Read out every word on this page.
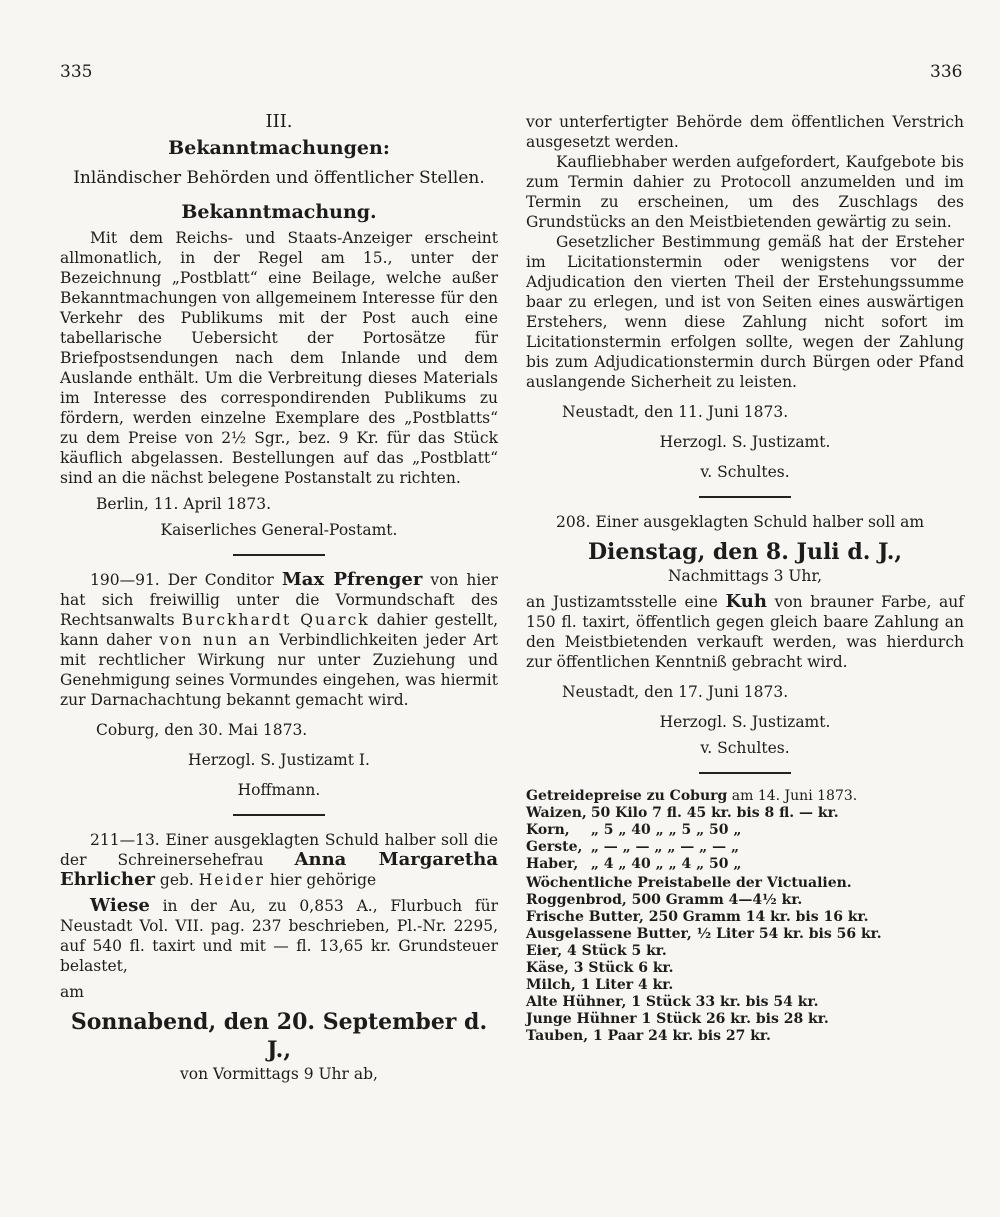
335	336

III.

Bekanntmachungen:

Inländischer Behörden und öffentlicher Stellen.

Bekanntmachung.

Mit dem Reichs- und Staats-Anzeiger erscheint allmonatlich, in der Regel am 15., unter der Bezeichnung „Postblatt“ eine Beilage, welche außer Bekanntmachungen von allgemeinem Interesse für den Verkehr des Publikums mit der Post auch eine tabellarische Uebersicht der Portosätze für Briefpostsendungen nach dem Inlande und dem Auslande enthält. Um die Verbreitung dieses Materials im Interesse des correspondirenden Publikums zu fördern, werden einzelne Exemplare des „Postblatts“ zu dem Preise von 2½ Sgr., bez. 9 Kr. für das Stück käuflich abgelassen. Bestellungen auf das „Postblatt“ sind an die nächst belegene Postanstalt zu richten.

Berlin, 11. April 1873.

Kaiserliches General-Postamt.

190—91. Der Conditor Max Pfrenger von hier hat sich freiwillig unter die Vormundschaft des Rechtsanwalts Burckhardt Quarck dahier gestellt, kann daher von nun an Verbindlichkeiten jeder Art mit rechtlicher Wirkung nur unter Zuziehung und Genehmigung seines Vormundes eingehen, was hiermit zur Darnachachtung bekannt gemacht wird.

Coburg, den 30. Mai 1873.

Herzogl. S. Justizamt I.

Hoffmann.

211—13. Einer ausgeklagten Schuld halber soll die der Schreinersehefrau Anna Margaretha Ehrlicher geb. Heider hier gehörige

Wiese in der Au, zu 0,853 A., Flurbuch für Neustadt Vol. VII. pag. 237 beschrieben, Pl.-Nr. 2295, auf 540 fl. taxirt und mit — fl. 13,65 kr. Grundsteuer belastet,

am

Sonnabend, den 20. September d. J.,

von Vormittags 9 Uhr ab,

vor unterfertigter Behörde dem öffentlichen Verstrich ausgesetzt werden.

Kaufliebhaber werden aufgefordert, Kaufgebote bis zum Termin dahier zu Protocoll anzumelden und im Termin zu erscheinen, um des Zuschlags des Grundstücks an den Meistbietenden gewärtig zu sein.

Gesetzlicher Bestimmung gemäß hat der Ersteher im Licitationstermin oder wenigstens vor der Adjudication den vierten Theil der Erstehungssumme baar zu erlegen, und ist von Seiten eines auswärtigen Erstehers, wenn diese Zahlung nicht sofort im Licitationstermin erfolgen sollte, wegen der Zahlung bis zum Adjudicationstermin durch Bürgen oder Pfand auslangende Sicherheit zu leisten.

Neustadt, den 11. Juni 1873.

Herzogl. S. Justizamt.

v. Schultes.

208. Einer ausgeklagten Schuld halber soll am

Dienstag, den 8. Juli d. J.,

Nachmittags 3 Uhr,

an Justizamtsstelle eine Kuh von brauner Farbe, auf 150 fl. taxirt, öffentlich gegen gleich baare Zahlung an den Meistbietenden verkauft werden, was hierdurch zur öffentlichen Kenntniß gebracht wird.

Neustadt, den 17. Juni 1873.

Herzogl. S. Justizamt.

v. Schultes.

Getreidepreise zu Coburg am 14. Juni 1873.

Waizen,	50 Kilo 7 fl. 45 kr. bis 8 fl. — kr.
Korn,	„ 5 „ 40 „ „ 5 „ 50 „
Gerste,	„ — „ — „ „ — „ — „
Haber,	„ 4 „ 40 „ „ 4 „ 50 „

Wöchentliche Preistabelle der Victualien.

Roggenbrod, 500 Gramm 4—4½ kr.
Frische Butter, 250 Gramm 14 kr. bis 16 kr.
Ausgelassene Butter, ½ Liter 54 kr. bis 56 kr.
Eier, 4 Stück 5 kr.
Käse, 3 Stück 6 kr.
Milch, 1 Liter 4 kr.
Alte Hühner, 1 Stück 33 kr. bis 54 kr.
Junge Hühner 1 Stück 26 kr. bis 28 kr.
Tauben, 1 Paar 24 kr. bis 27 kr.
